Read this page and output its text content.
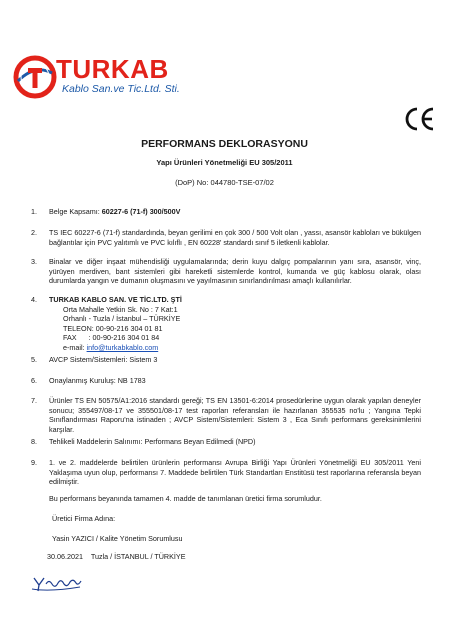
TURKAB
Kablo San.ve Tic.Ltd. Sti.
PERFORMANS DEKLORASYONU
Yapı Ürünleri Yönetmeliği EU 305/2011
(DoP) No: 044780-TSE-07/02
1. Belge Kapsamı: 60227-6 (71-f) 300/500V
2. TS IEC 60227-6 (71-f) standardında, beyan gerilimi en çok 300 / 500 Volt olan , yassı, asansör kabloları ve bükülgen bağlantılar için PVC yalıtımlı ve PVC kılıflı , EN 60228' standardı sınıf 5 iletkenli kablolar.
3. Binalar ve diğer inşaat mühendisliği uygulamalarında; derin kuyu dalgıç pompalarının yanı sıra, asansör, vinç, yürüyen merdiven, bant sistemleri gibi hareketli sistemlerde kontrol, kumanda ve güç kablosu olarak, olası durumlarda yangın ve dumanın oluşmasını ve yayılmasının sınırlandırılması amaçlı kullanılırlar.
4. TURKAB KABLO SAN. VE TİC.LTD. ŞTİ
Orta Mahalle Yetkin Sk. No : 7 Kat:1
Orhanlı - Tuzla / İstanbul – TÜRKİYE
TELEON: 00-90-216 304 01 81
FAX      : 00-90-216 304 01 84
e-mail: info@turkabkablo.com
5. AVCP Sistem/Sistemleri: Sistem 3
6. Onaylanmış Kuruluş: NB 1783
7. Ürünler TS EN 50575/A1:2016 standardı gereği; TS EN 13501-6:2014 prosedürlerine uygun olarak yapılan deneyler sonucu; 355497/08-17 ve 355501/08-17 test raporları referansları ile hazırlanan 355535 no'lu ; Yangına Tepki Sınıflandırması Raporu'na istinaden ; AVCP Sistem/Sistemleri: Sistem 3 , Eca Sınıfı performans gereksinimlerini karşılar.
8. Tehlikeli Maddelerin Salınımı: Performans Beyan Edilmedi (NPD)
9. 1. ve 2. maddelerde belirtilen ürünlerin performansı Avrupa Birliği Yapı Ürünleri Yönetmeliği EU 305/2011 Yeni Yaklaşıma uyun olup, performansı 7. Maddede belirtilen Türk Standartları Enstitüsü test raporlarına referansla beyan edilmiştir.
Bu performans beyanında tamamen 4. madde de tanımlanan üretici firma sorumludur.
Üretici Firma Adına:
Yasin YAZICI / Kalite Yönetim Sorumlusu
30.06.2021    Tuzla / İSTANBUL / TÜRKİYE
